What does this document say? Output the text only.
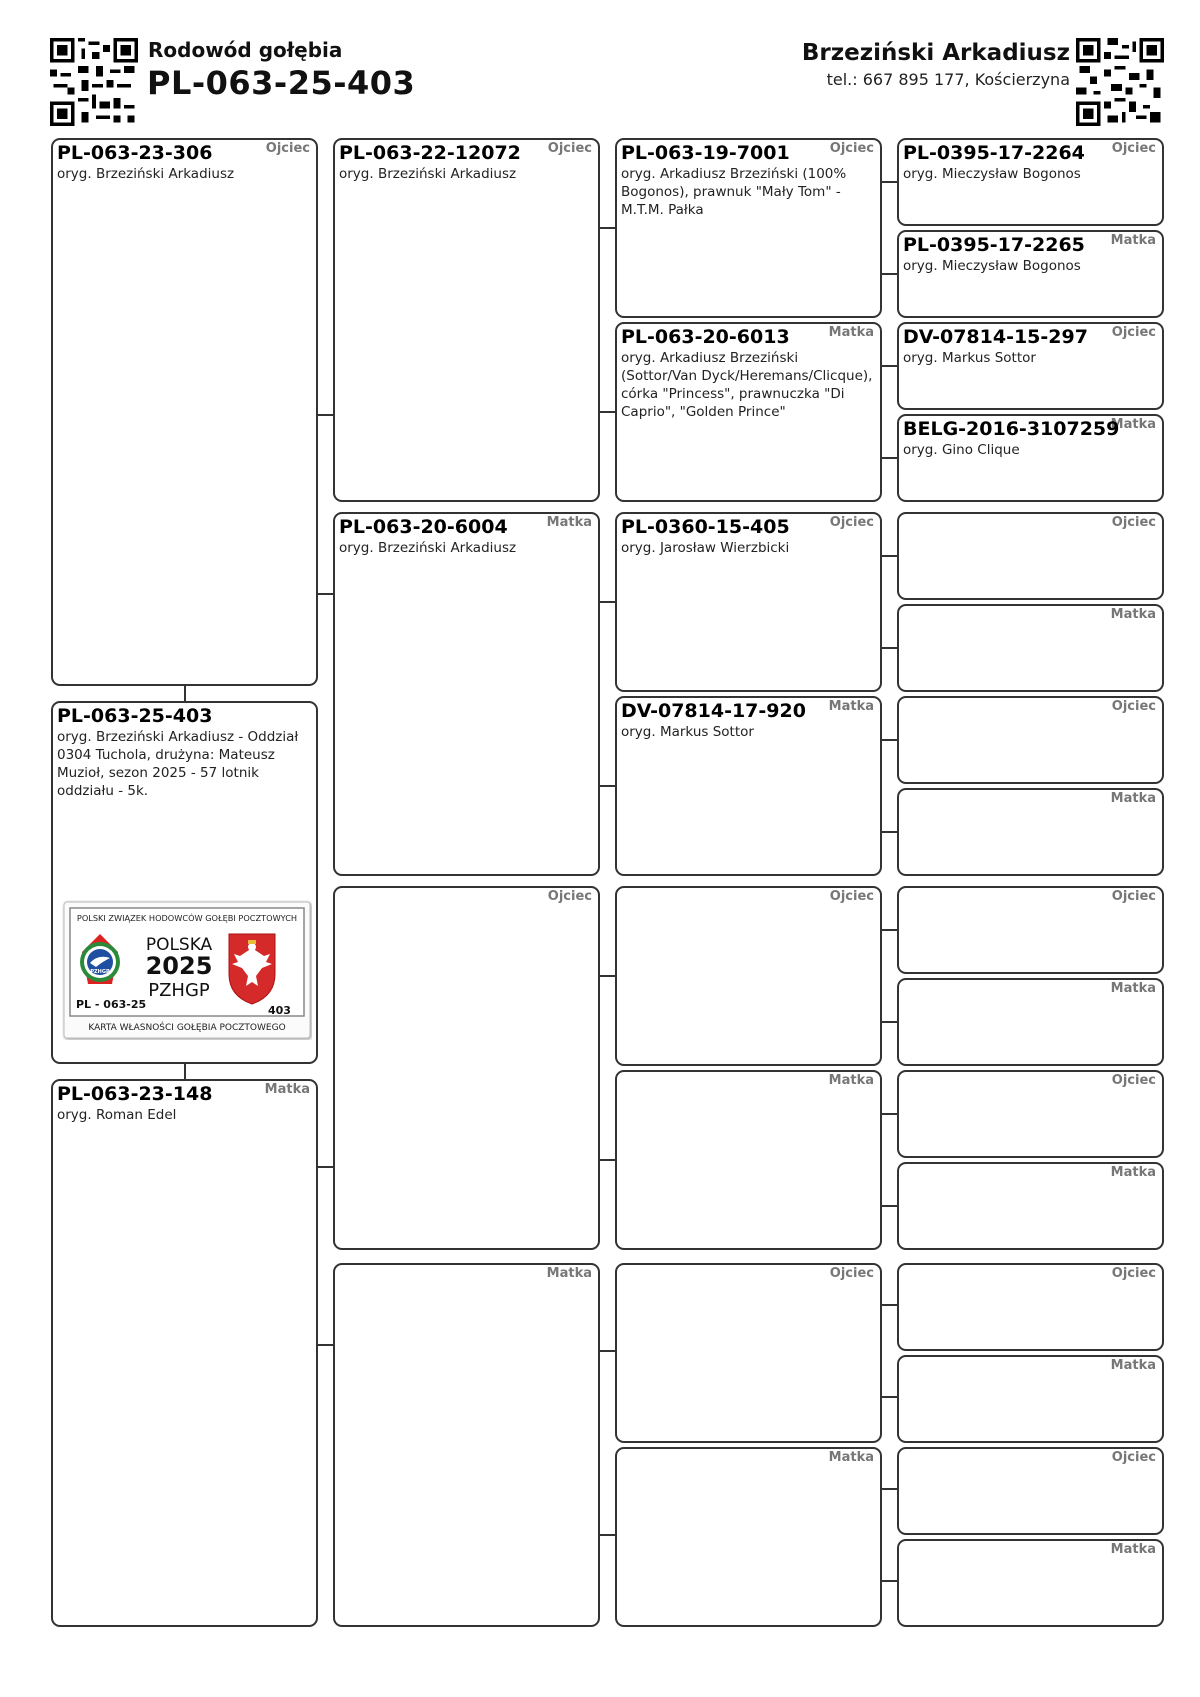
Rodowód gołębia
PL-063-25-403
Brzeziński Arkadiusz
tel.: 667 895 177, Kościerzyna
Ojciec
PL-063-23-306
oryg. Brzeziński Arkadiusz
PL-063-25-403
oryg. Brzeziński Arkadiusz - Oddział 0304 Tuchola, drużyna: Mateusz Muzioł, sezon 2025 - 57 lotnik oddziału - 5k.
POLSKI ZWIĄZEK HODOWCÓW GOŁĘBI POCZTOWYCH
PZHGP
POLSKA
2025
PZHGP
PL - 063-25	403
KARTA WŁASNOŚCI GOŁĘBIA POCZTOWEGO
Matka
PL-063-23-148
oryg. Roman Edel
Ojciec
PL-063-22-12072
oryg. Brzeziński Arkadiusz
Matka
PL-063-20-6004
oryg. Brzeziński Arkadiusz
Ojciec
Matka
Ojciec
PL-063-19-7001
oryg. Arkadiusz Brzeziński (100% Bogonos), prawnuk "Mały Tom" - M.T.M. Pałka
Matka
PL-063-20-6013
oryg. Arkadiusz Brzeziński (Sottor/Van Dyck/Heremans/Clicque), córka "Princess", prawnuczka "Di Caprio", "Golden Prince"
Ojciec
PL-0360-15-405
oryg. Jarosław Wierzbicki
Matka
DV-07814-17-920
oryg. Markus Sottor
Ojciec
Matka
Ojciec
Matka
Ojciec
PL-0395-17-2264
oryg. Mieczysław Bogonos
Matka
PL-0395-17-2265
oryg. Mieczysław Bogonos
Ojciec
DV-07814-15-297
oryg. Markus Sottor
Matka
BELG-2016-3107259
oryg. Gino Clique
Ojciec
Matka
Ojciec
Matka
Ojciec
Matka
Ojciec
Matka
Ojciec
Matka
Ojciec
Matka
